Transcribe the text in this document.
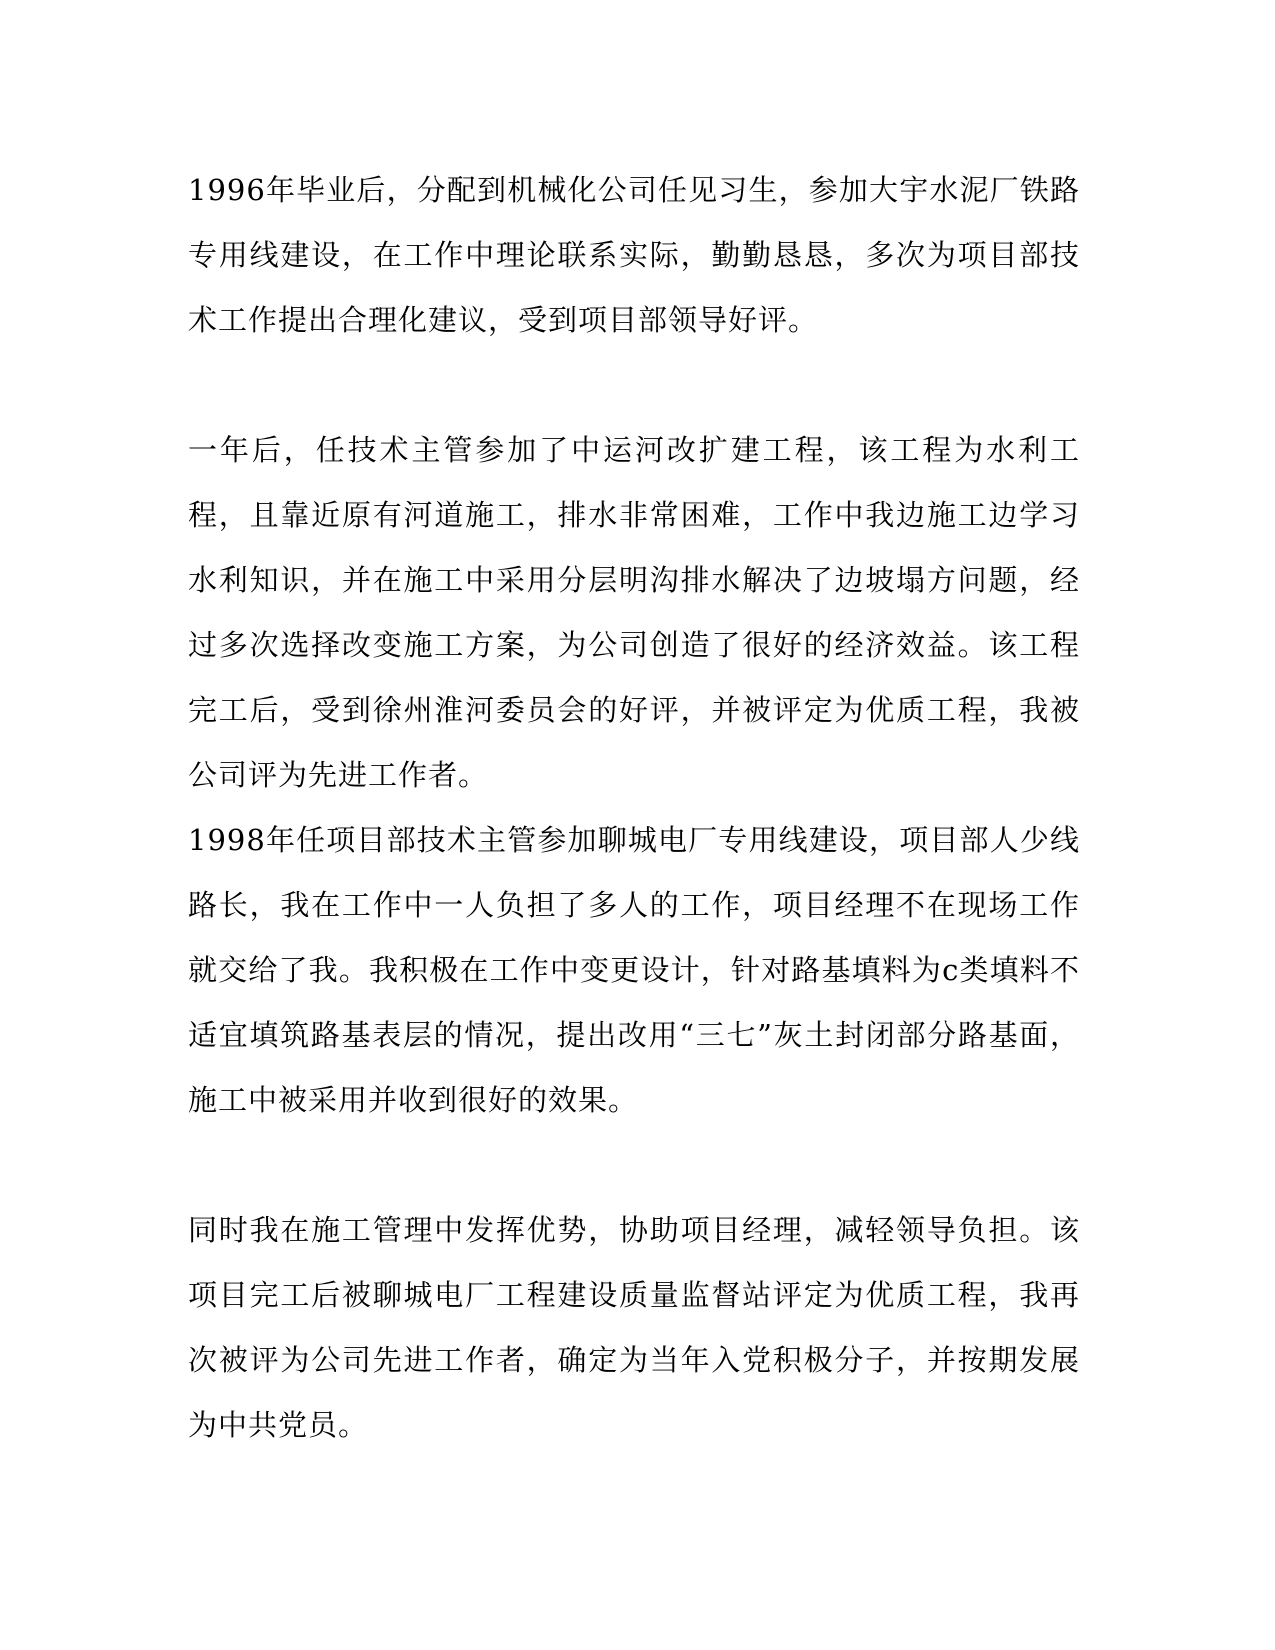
1996年毕业后，分配到机械化公司任见习生，参加大宇水泥厂铁路专用线建设，在工作中理论联系实际，勤勤恳恳，多次为项目部技术工作提出合理化建议，受到项目部领导好评。

一年后，任技术主管参加了中运河改扩建工程，该工程为水利工程，且靠近原有河道施工，排水非常困难，工作中我边施工边学习水利知识，并在施工中采用分层明沟排水解决了边坡塌方问题，经过多次选择改变施工方案，为公司创造了很好的经济效益。该工程完工后，受到徐州淮河委员会的好评，并被评定为优质工程，我被公司评为先进工作者。

1998年任项目部技术主管参加聊城电厂专用线建设，项目部人少线路长，我在工作中一人负担了多人的工作，项目经理不在现场工作就交给了我。我积极在工作中变更设计，针对路基填料为c类填料不适宜填筑路基表层的情况，提出改用“三七”灰土封闭部分路基面，施工中被采用并收到很好的效果。

同时我在施工管理中发挥优势，协助项目经理，减轻领导负担。该项目完工后被聊城电厂工程建设质量监督站评定为优质工程，我再次被评为公司先进工作者，确定为当年入党积极分子，并按期发展为中共党员。
